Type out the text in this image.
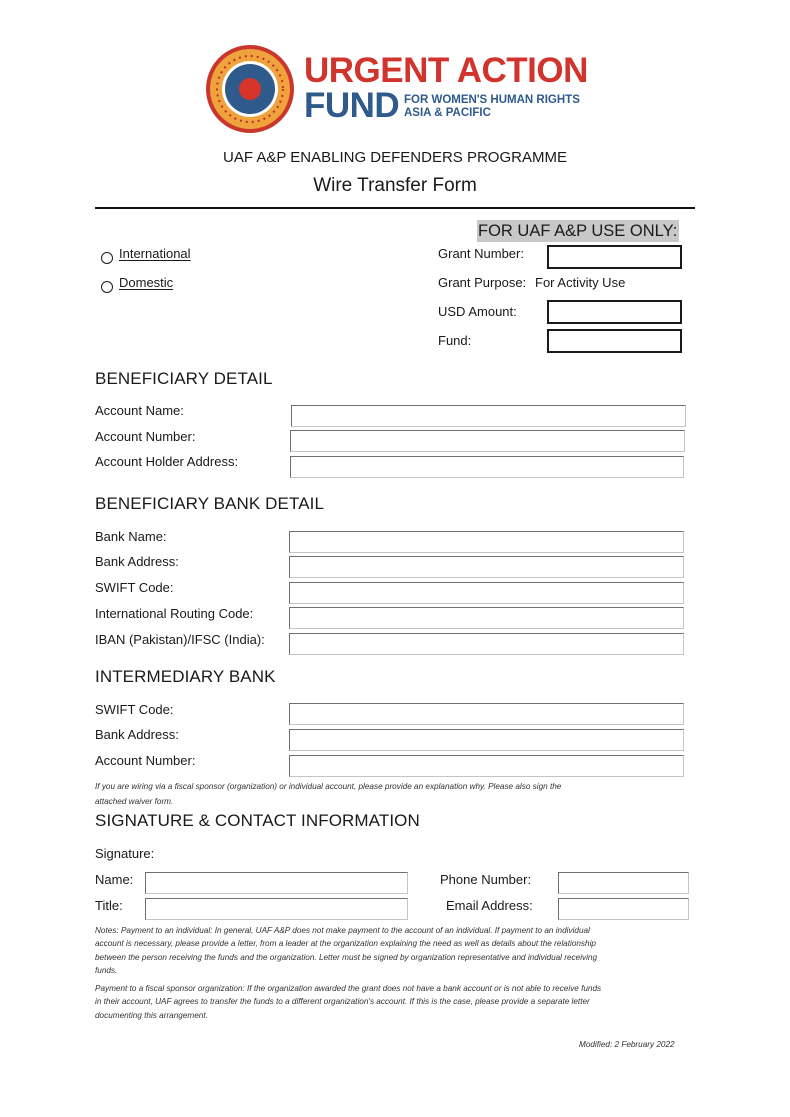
URGENT ACTION
FUND FOR WOMEN'S HUMAN RIGHTS
ASIA & PACIFIC
UAF A&P ENABLING DEFENDERS PROGRAMME
Wire Transfer Form
International
Domestic
FOR UAF A&P USE ONLY:
Grant Number:
Grant Purpose: For Activity Use
USD Amount:
Fund:
BENEFICIARY DETAIL
Account Name:
Account Number:
Account Holder Address:
BENEFICIARY BANK DETAIL
Bank Name:
Bank Address:
SWIFT Code:
International Routing Code:
IBAN (Pakistan)/IFSC (India):
INTERMEDIARY BANK
SWIFT Code:
Bank Address:
Account Number:
If you are wiring via a fiscal sponsor (organization) or individual account, please provide an explanation why. Please also sign the
attached waiver form.
SIGNATURE & CONTACT INFORMATION
Signature:
Name:
Title:
Phone Number:
Email Address:
Notes: Payment to an individual: In general, UAF A&P does not make payment to the account of an individual. If payment to an individual
account is necessary, please provide a letter, from a leader at the organization explaining the need as well as details about the relationship
between the person receiving the funds and the organization. Letter must be signed by organization representative and individual receiving
funds.
Payment to a fiscal sponsor organization: If the organization awarded the grant does not have a bank account or is not able to receive funds
in their account, UAF agrees to transfer the funds to a different organization's account. If this is the case, please provide a separate letter
documenting this arrangement.
Modified: 2 February 2022
